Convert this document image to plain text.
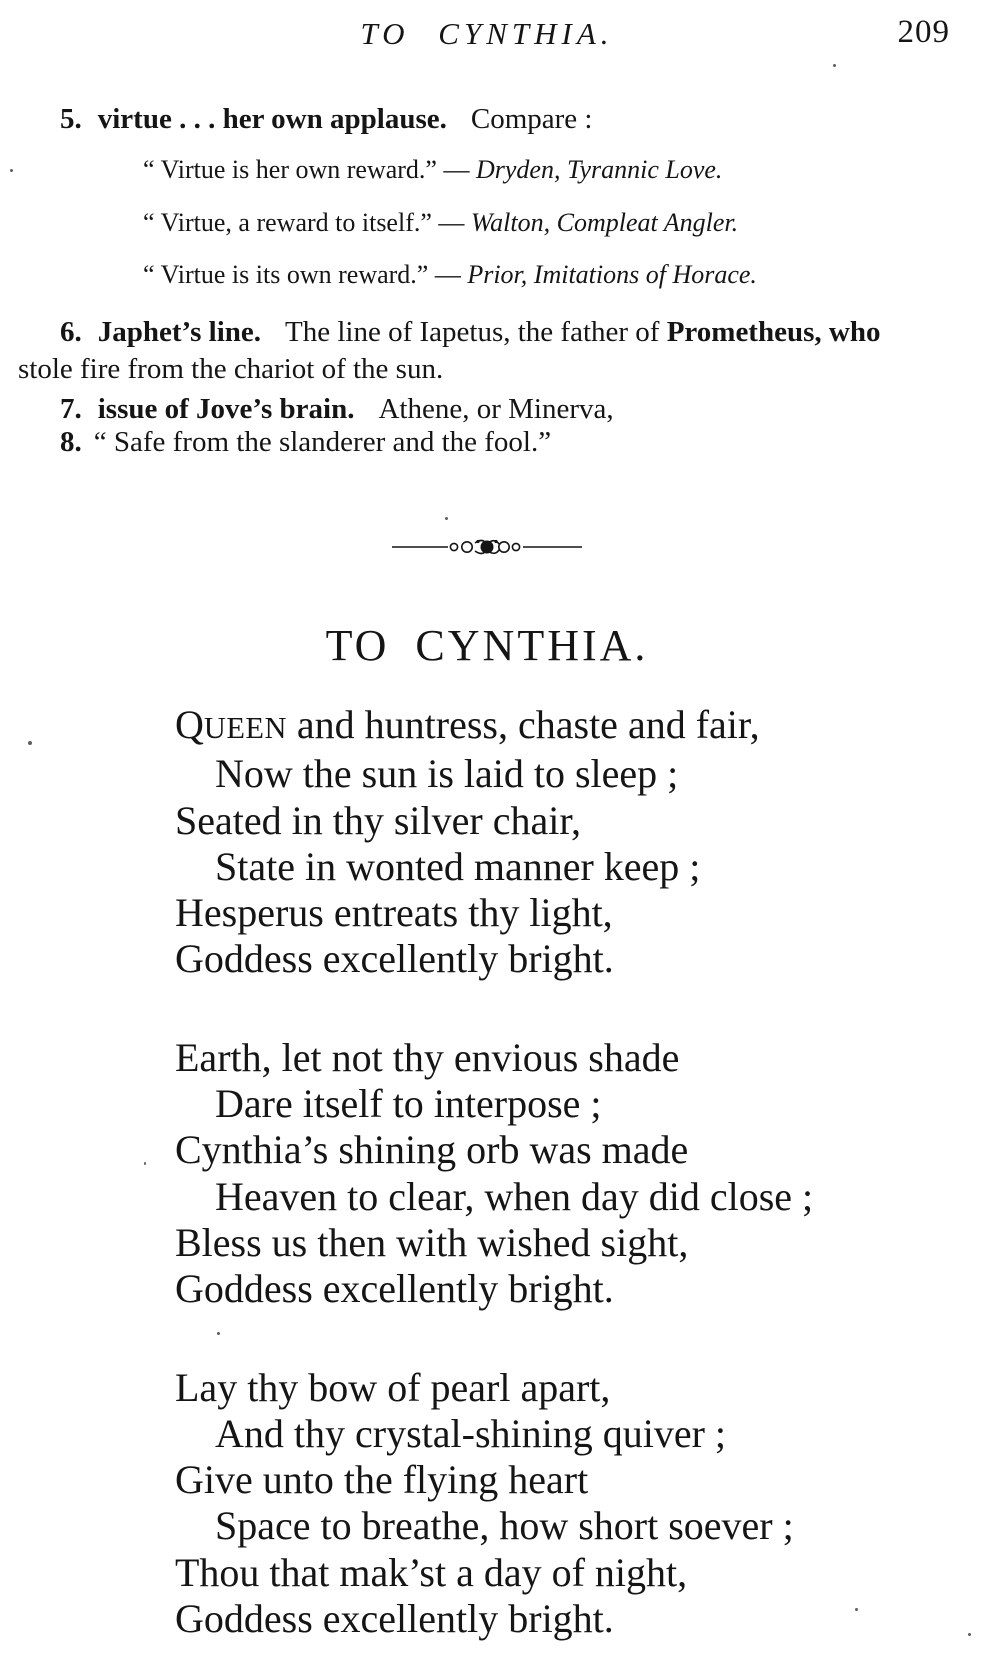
TO CYNTHIA.	209
5. virtue . . . her own applause. Compare :
“ Virtue is her own reward.” — Dryden, Tyrannic Love.
“ Virtue, a reward to itself.” — Walton, Compleat Angler.
“ Virtue is its own reward.” — Prior, Imitations of Horace.
6. Japhet’s line. The line of Iapetus, the father of Prometheus, who
stole fire from the chariot of the sun.
7. issue of Jove’s brain. Athene, or Minerva,
8. “ Safe from the slanderer and the fool.”
TO CYNTHIA.
QUEEN and huntress, chaste and fair,
Now the sun is laid to sleep ;
Seated in thy silver chair,
State in wonted manner keep ;
Hesperus entreats thy light,
Goddess excellently bright.
Earth, let not thy envious shade
Dare itself to interpose ;
Cynthia’s shining orb was made
Heaven to clear, when day did close ;
Bless us then with wished sight,
Goddess excellently bright.
Lay thy bow of pearl apart,
And thy crystal-shining quiver ;
Give unto the flying heart
Space to breathe, how short soever ;
Thou that mak’st a day of night,
Goddess excellently bright.
